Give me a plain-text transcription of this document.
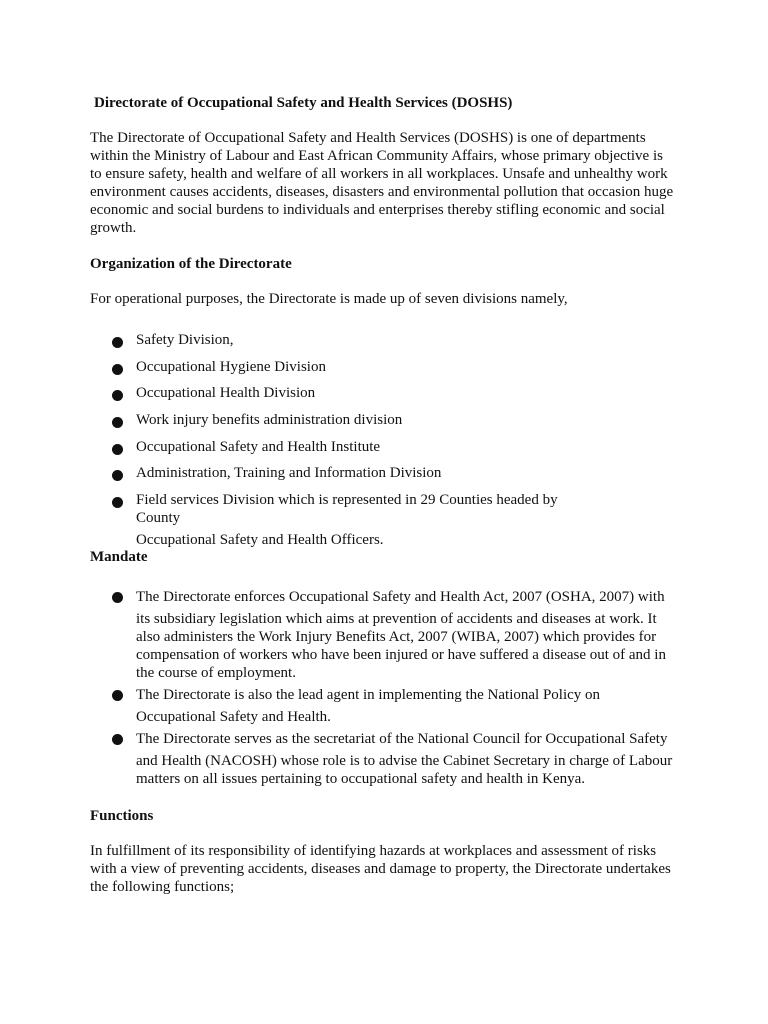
Directorate of Occupational Safety and Health Services (DOSHS)

The Directorate of Occupational Safety and Health Services (DOSHS) is one of departments
within the Ministry of Labour and East African Community Affairs, whose primary objective is
to ensure safety, health and welfare of all workers in all workplaces. Unsafe and unhealthy work
environment causes accidents, diseases, disasters and environmental pollution that occasion huge
economic and social burdens to individuals and enterprises thereby stifling economic and social
growth.

Organization of the Directorate

For operational purposes, the Directorate is made up of seven divisions namely,

Safety Division,
Occupational Hygiene Division
Occupational Health Division
Work injury benefits administration division
Occupational Safety and Health Institute
Administration, Training and Information Division
Field services Division which is represented in 29 Counties headed by County
Occupational Safety and Health Officers.

Mandate

The Directorate enforces Occupational Safety and Health Act, 2007 (OSHA, 2007) with
its subsidiary legislation which aims at prevention of accidents and diseases at work. It
also administers the Work Injury Benefits Act, 2007 (WIBA, 2007) which provides for
compensation of workers who have been injured or have suffered a disease out of and in
the course of employment.
The Directorate is also the lead agent in implementing the National Policy on
Occupational Safety and Health.
The Directorate serves as the secretariat of the National Council for Occupational Safety
and Health (NACOSH) whose role is to advise the Cabinet Secretary in charge of Labour
matters on all issues pertaining to occupational safety and health in Kenya.

Functions

In fulfillment of its responsibility of identifying hazards at workplaces and assessment of risks
with a view of preventing accidents, diseases and damage to property, the Directorate undertakes
the following functions;
